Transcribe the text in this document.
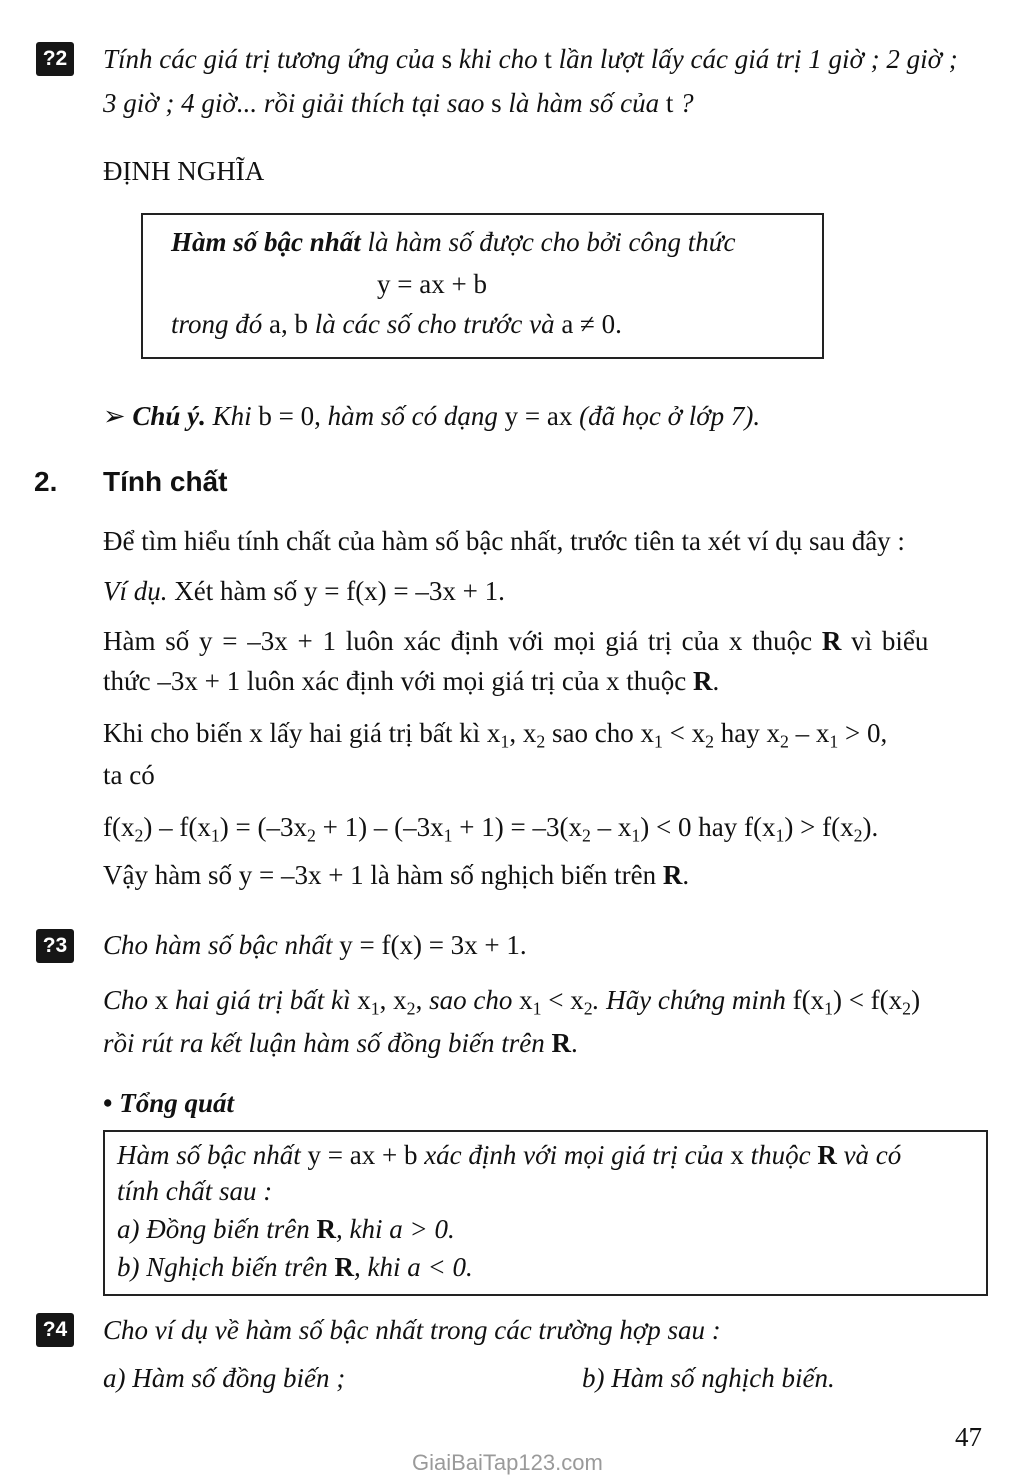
?2 Tính các giá trị tương ứng của s khi cho t lần lượt lấy các giá trị 1 giờ ; 2 giờ ;
3 giờ ; 4 giờ... rồi giải thích tại sao s là hàm số của t ?
ĐỊNH NGHĨA
Hàm số bậc nhất là hàm số được cho bởi công thức
y = ax + b
trong đó a, b là các số cho trước và a ≠ 0.
➢ Chú ý. Khi b = 0, hàm số có dạng y = ax (đã học ở lớp 7).
2. Tính chất
Để tìm hiểu tính chất của hàm số bậc nhất, trước tiên ta xét ví dụ sau đây :
Ví dụ. Xét hàm số y = f(x) = –3x + 1.
Hàm số y = –3x + 1 luôn xác định với mọi giá trị của x thuộc R vì biểu
thức –3x + 1 luôn xác định với mọi giá trị của x thuộc R.
Khi cho biến x lấy hai giá trị bất kì $x_1$, $x_2$ sao cho $x_1 < x_2$ hay $x_2 - x_1 > 0$,
ta có
$f(x_2) - f(x_1) = (-3x_2 + 1) - (-3x_1 + 1) = -3(x_2 - x_1) < 0$ hay $f(x_1) > f(x_2)$.
Vậy hàm số y = –3x + 1 là hàm số nghịch biến trên R.
?3 Cho hàm số bậc nhất y = f(x) = 3x + 1.
Cho x hai giá trị bất kì $x_1$, $x_2$, sao cho $x_1 < x_2$. Hãy chứng minh $f(x_1) < f(x_2)$
rồi rút ra kết luận hàm số đồng biến trên R.
• Tổng quát
Hàm số bậc nhất y = ax + b xác định với mọi giá trị của x thuộc R và có
tính chất sau :
a) Đồng biến trên R, khi a > 0.
b) Nghịch biến trên R, khi a < 0.
?4 Cho ví dụ về hàm số bậc nhất trong các trường hợp sau :
a) Hàm số đồng biến ;	b) Hàm số nghịch biến.
47
GiaiBaiTap123.com
